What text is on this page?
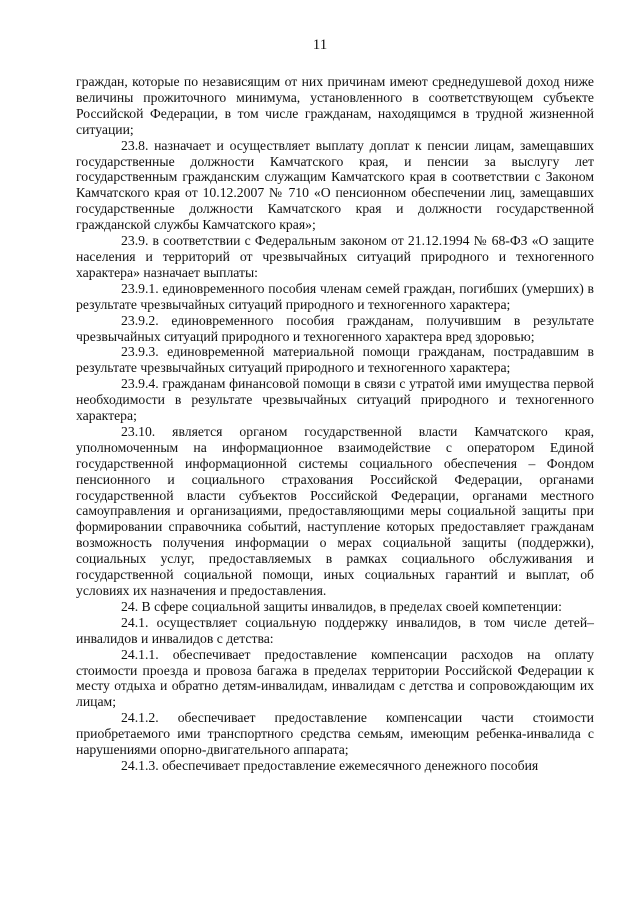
11

граждан, которые по независящим от них причинам имеют среднедушевой доход ниже величины прожиточного минимума, установленного в соответствующем субъекте Российской Федерации, в том числе гражданам, находящимся в трудной жизненной ситуации;

23.8. назначает и осуществляет выплату доплат к пенсии лицам, замещавших государственные должности Камчатского края, и пенсии за выслугу лет государственным гражданским служащим Камчатского края в соответствии с Законом Камчатского края от 10.12.2007 № 710 «О пенсионном обеспечении лиц, замещавших государственные должности Камчатского края и должности государственной гражданской службы Камчатского края»;

23.9. в соответствии с Федеральным законом от 21.12.1994 № 68-ФЗ «О защите населения и территорий от чрезвычайных ситуаций природного и техногенного характера» назначает выплаты:

23.9.1. единовременного пособия членам семей граждан, погибших (умерших) в результате чрезвычайных ситуаций природного и техногенного характера;

23.9.2. единовременного пособия гражданам, получившим в результате чрезвычайных ситуаций природного и техногенного характера вред здоровью;

23.9.3. единовременной материальной помощи гражданам, пострадавшим в результате чрезвычайных ситуаций природного и техногенного характера;

23.9.4. гражданам финансовой помощи в связи с утратой ими имущества первой необходимости в результате чрезвычайных ситуаций природного и техногенного характера;

23.10. является органом государственной власти Камчатского края, уполномоченным на информационное взаимодействие с оператором Единой государственной информационной системы социального обеспечения – Фондом пенсионного и социального страхования Российской Федерации, органами государственной власти субъектов Российской Федерации, органами местного самоуправления и организациями, предоставляющими меры социальной защиты при формировании справочника событий, наступление которых предоставляет гражданам возможность получения информации о мерах социальной защиты (поддержки), социальных услуг, предоставляемых в рамках социального обслуживания и государственной социальной помощи, иных социальных гарантий и выплат, об условиях их назначения и предоставления.

24. В сфере социальной защиты инвалидов, в пределах своей компетенции:

24.1. осуществляет социальную поддержку инвалидов, в том числе детей–инвалидов и инвалидов с детства:

24.1.1. обеспечивает предоставление компенсации расходов на оплату стоимости проезда и провоза багажа в пределах территории Российской Федерации к месту отдыха и обратно детям-инвалидам, инвалидам с детства и сопровождающим их лицам;

24.1.2. обеспечивает предоставление компенсации части стоимости приобретаемого ими транспортного средства семьям, имеющим ребенка-инвалида с нарушениями опорно-двигательного аппарата;

24.1.3. обеспечивает предоставление ежемесячного денежного пособия
